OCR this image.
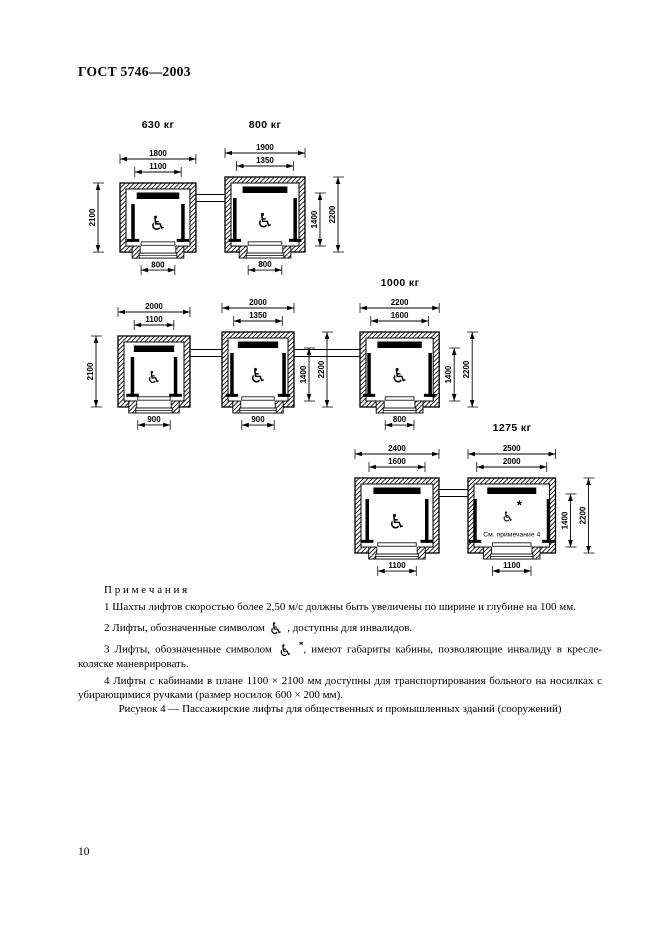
ГОСТ 5746—2003
630 кг	800 кг
1000 кг
1275 кг
♿
1800
1100
2100
800
♿
1900
1350
1400 2200
800
♿
2000
1100
2100
900
♿
2000
1350
1400 2200
900
♿
2200
1600
1400 2200
800
♿
2400
1600
1100
♿
*
См. примечание 4
2500
2000
1400 2200
1100

П р и м е ч а н и я

1 Шахты лифтов скоростью более 2,50 м/с должны быть увеличены по ширине и глубине на 100 мм.

2 Лифты, обозначенные символом ♿ , доступны для инвалидов.

3 Лифты, обозначенные символом ♿ *, имеют габариты кабины, позволяющие инвалиду в кресле-коляске маневрировать.

4 Лифты с кабинами в плане 1100 × 2100 мм доступны для транспортирования больного на носилках с убирающимися ручками (размер носилок 600 × 200 мм).

Рисунок 4 — Пассажирские лифты для общественных и промышленных зданий (сооружений)

10
